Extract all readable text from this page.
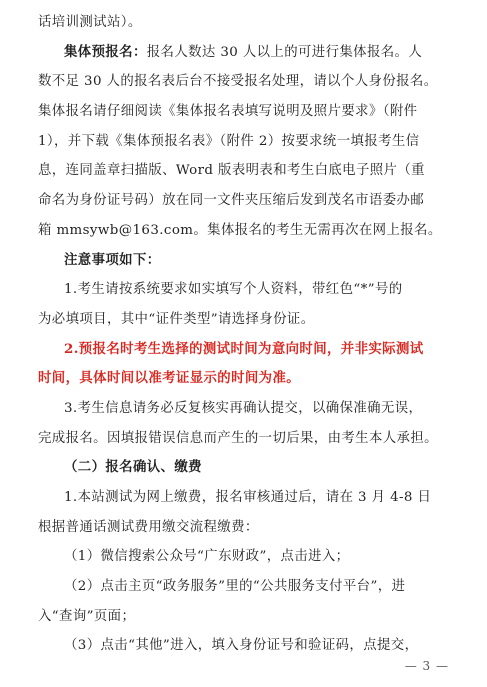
话培训测试站）。
集体预报名：报名人数达 30 人以上的可进行集体报名。人
数不足 30 人的报名表后台不接受报名处理，请以个人身份报名。
集体报名请仔细阅读《集体报名表填写说明及照片要求》（附件
1），并下载《集体预报名表》（附件 2）按要求统一填报考生信
息，连同盖章扫描版、Word 版表明表和考生白底电子照片（重
命名为身份证号码）放在同一文件夹压缩后发到茂名市语委办邮
箱 mmsywb@163.com。集体报名的考生无需再次在网上报名。
注意事项如下：
1.考生请按系统要求如实填写个人资料，带红色“*”号的
为必填项目，其中“证件类型”请选择身份证。
2.预报名时考生选择的测试时间为意向时间，并非实际测试
时间，具体时间以准考证显示的时间为准。
3.考生信息请务必反复核实再确认提交，以确保准确无误，
完成报名。因填报错误信息而产生的一切后果，由考生本人承担。
（二）报名确认、缴费
1.本站测试为网上缴费，报名审核通过后，请在 3 月 4-8 日
根据普通话测试费用缴交流程缴费：
（1）微信搜索公众号“广东财政”，点击进入；
（2）点击主页“政务服务”里的“公共服务支付平台”，进
入“查询”页面；
（3）点击“其他”进入，填入身份证号和验证码，点提交，
— 3 —
